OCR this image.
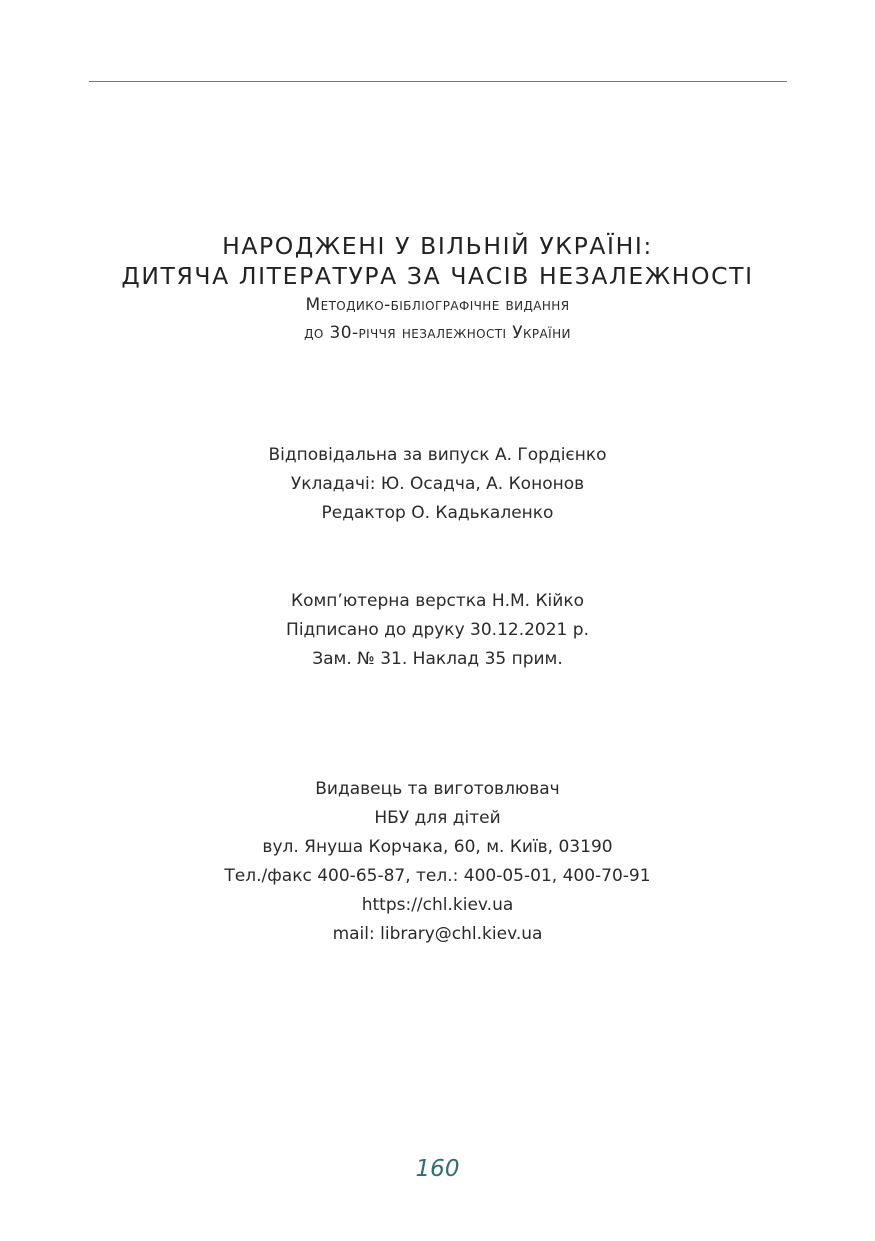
НАРОДЖЕНІ У ВІЛЬНІЙ УКРАЇНІ:
ДИТЯЧА ЛІТЕРАТУРА ЗА ЧАСІВ НЕЗАЛЕЖНОСТІ
Методико-бібліографічне видання
до 30-річчя незалежності України
Відповідальна за випуск А. Гордієнко
Укладачі: Ю. Осадча, А. Кононов
Редактор О. Кадькаленко
Комп’ютерна верстка Н.М. Кійко
Підписано до друку 30.12.2021 р.
Зам. № 31. Наклад 35 прим.
Видавець та виготовлювач
НБУ для дітей
вул. Януша Корчака, 60, м. Київ, 03190
Тел./факс 400-65-87, тел.: 400-05-01, 400-70-91
https://chl.kiev.ua
mail: library@chl.kiev.ua
160
